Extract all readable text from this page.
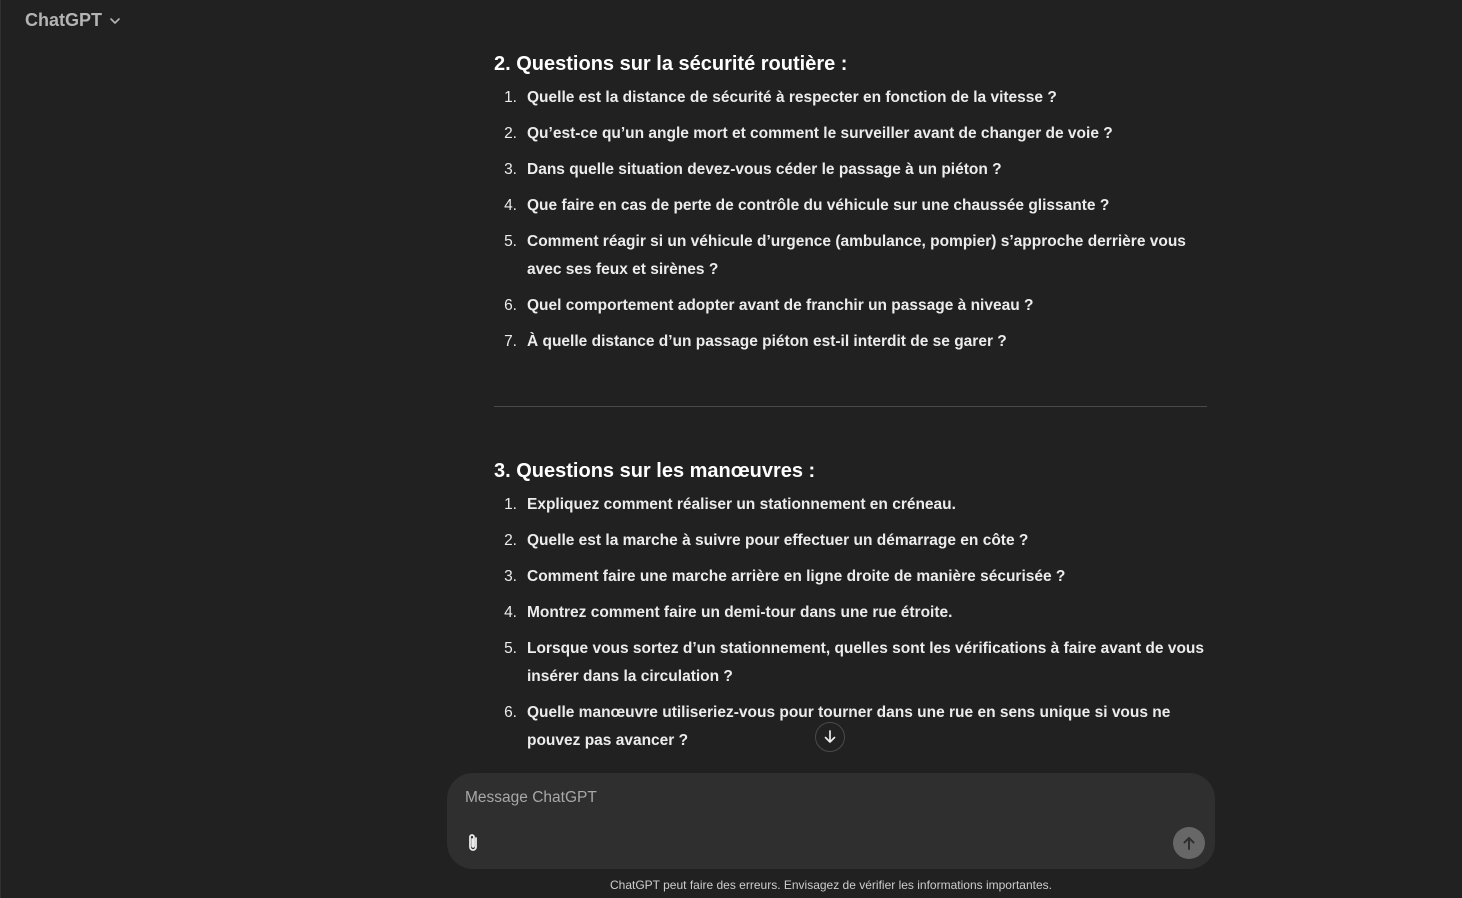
ChatGPT
2. Questions sur la sécurité routière :
1. Quelle est la distance de sécurité à respecter en fonction de la vitesse ?
2. Qu’est-ce qu’un angle mort et comment le surveiller avant de changer de voie ?
3. Dans quelle situation devez-vous céder le passage à un piéton ?
4. Que faire en cas de perte de contrôle du véhicule sur une chaussée glissante ?
5. Comment réagir si un véhicule d’urgence (ambulance, pompier) s’approche derrière vous avec ses feux et sirènes ?
6. Quel comportement adopter avant de franchir un passage à niveau ?
7. À quelle distance d’un passage piéton est-il interdit de se garer ?
3. Questions sur les manœuvres :
1. Expliquez comment réaliser un stationnement en créneau.
2. Quelle est la marche à suivre pour effectuer un démarrage en côte ?
3. Comment faire une marche arrière en ligne droite de manière sécurisée ?
4. Montrez comment faire un demi-tour dans une rue étroite.
5. Lorsque vous sortez d’un stationnement, quelles sont les vérifications à faire avant de vous insérer dans la circulation ?
6. Quelle manœuvre utiliseriez-vous pour tourner dans une rue en sens unique si vous ne pouvez pas avancer ?
Message ChatGPT
ChatGPT peut faire des erreurs. Envisagez de vérifier les informations importantes.
